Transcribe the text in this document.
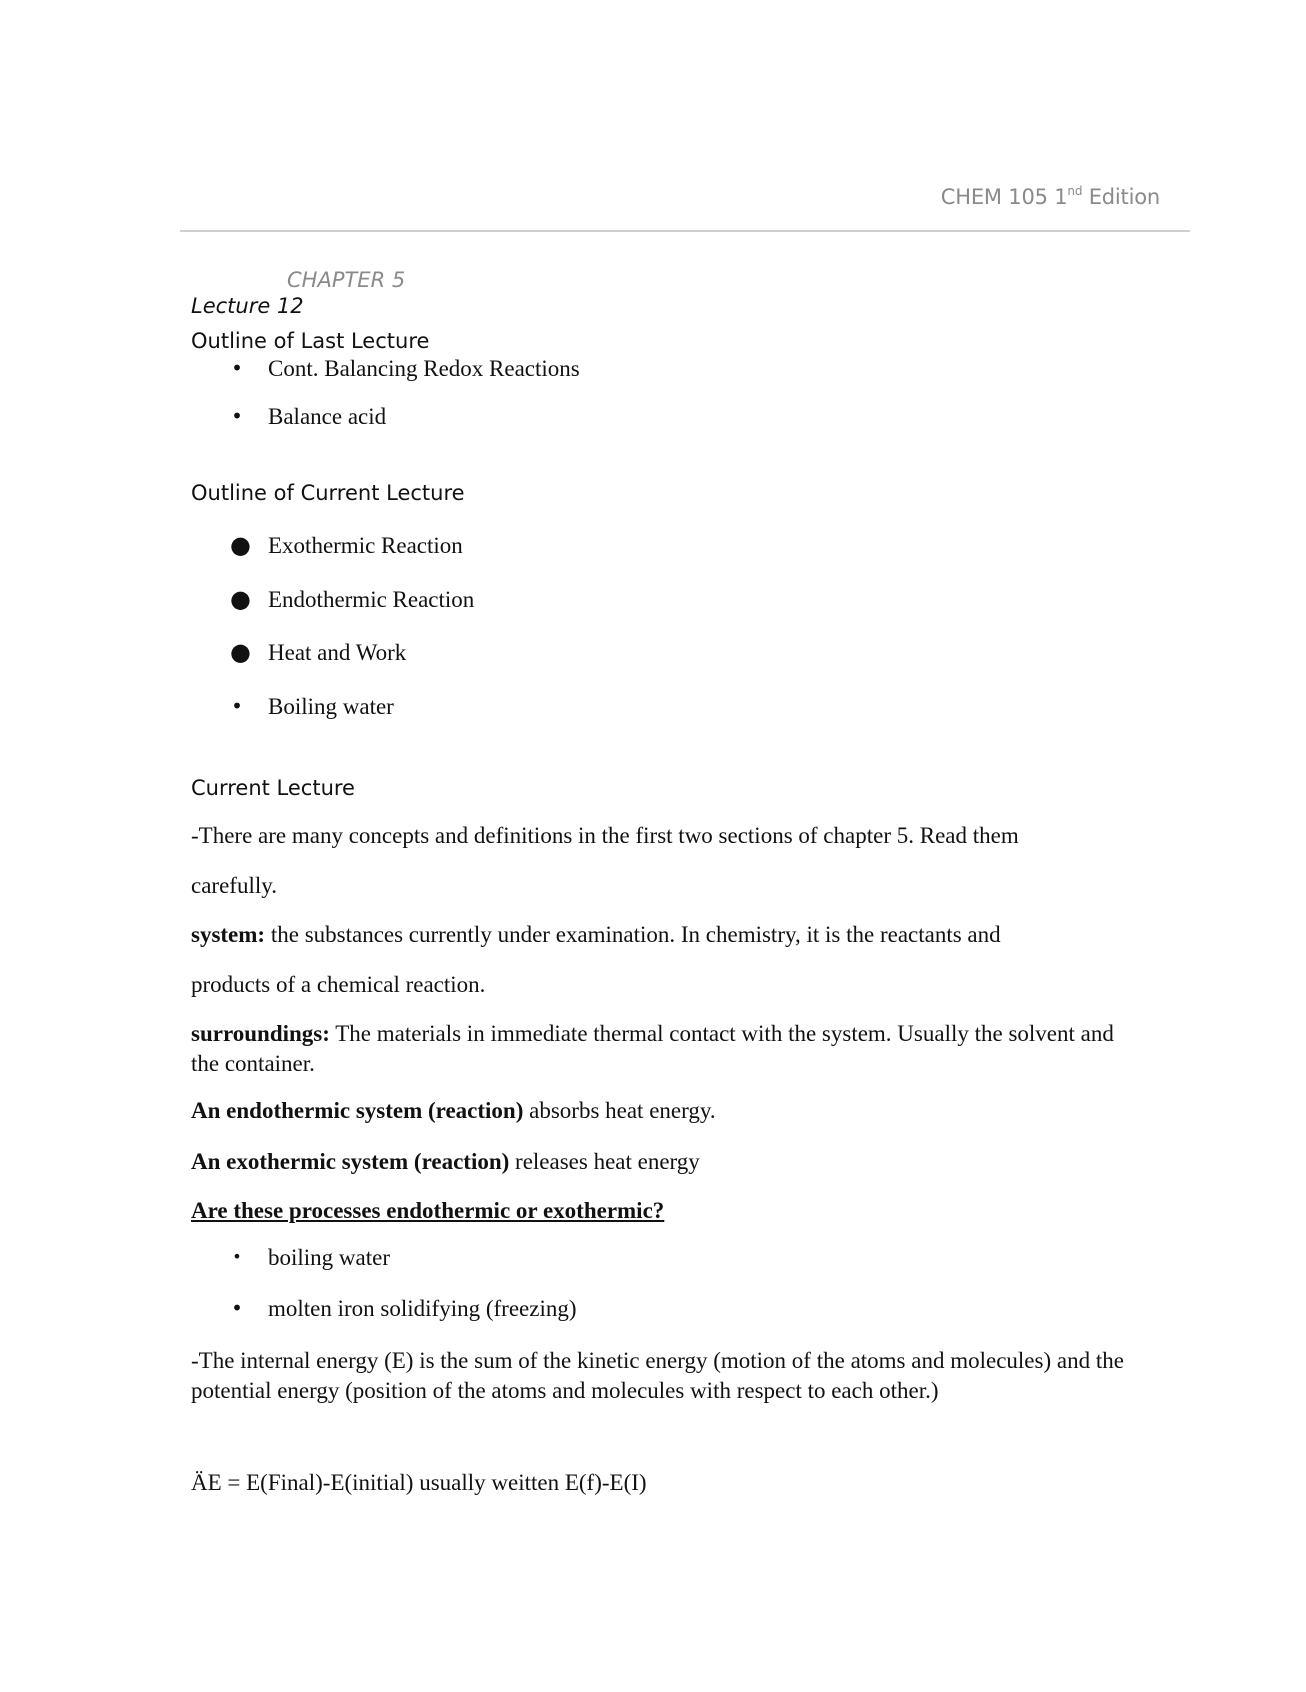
CHEM 105 1nd Edition
CHAPTER 5
Lecture 12
Outline of Last Lecture
• Cont. Balancing Redox Reactions
• Balance acid
Outline of Current Lecture
● Exothermic Reaction
● Endothermic Reaction
● Heat and Work
• Boiling water
Current Lecture
-There are many concepts and definitions in the first two sections of chapter 5. Read them
carefully.
system: the substances currently under examination. In chemistry, it is the reactants and
products of a chemical reaction.
surroundings: The materials in immediate thermal contact with the system. Usually the solvent and the container.
An endothermic system (reaction) absorbs heat energy.
An exothermic system (reaction) releases heat energy
Are these processes endothermic or exothermic?
• boiling water
• molten iron solidifying (freezing)
-The internal energy (E) is the sum of the kinetic energy (motion of the atoms and molecules) and the potential energy (position of the atoms and molecules with respect to each other.)
ÄE = E(Final)-E(initial) usually weitten E(f)-E(I)
